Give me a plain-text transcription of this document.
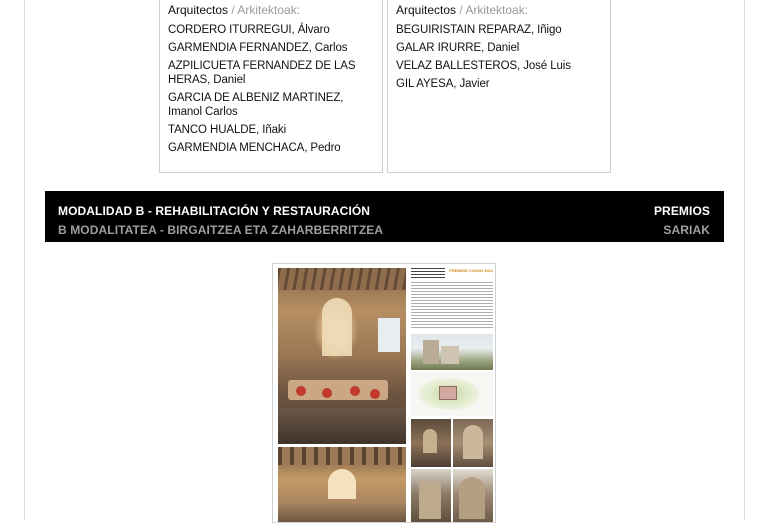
Arquitectos / Arkitektoak:
CORDERO ITURREGUI, Álvaro
GARMENDIA FERNANDEZ, Carlos
AZPILICUETA FERNANDEZ DE LAS HERAS, Daniel
GARCIA DE ALBENIZ MARTINEZ, Imanol Carlos
TANCO HUALDE, Iñaki
GARMENDIA MENCHACA, Pedro
Arquitectos / Arkitektoak:
BEGUIRISTAIN REPARAZ, Iñigo
GALAR IRURRE, Daniel
VELAZ BALLESTEROS, José Luis
GIL AYESA, Javier
MODALIDAD B - REHABILITACIÓN Y RESTAURACIÓN	PREMIOS
B MODALITATEA - BIRGAITZEA ETA ZAHARBERRITZEA	SARIAK
PREMIOS COAVN 2022
